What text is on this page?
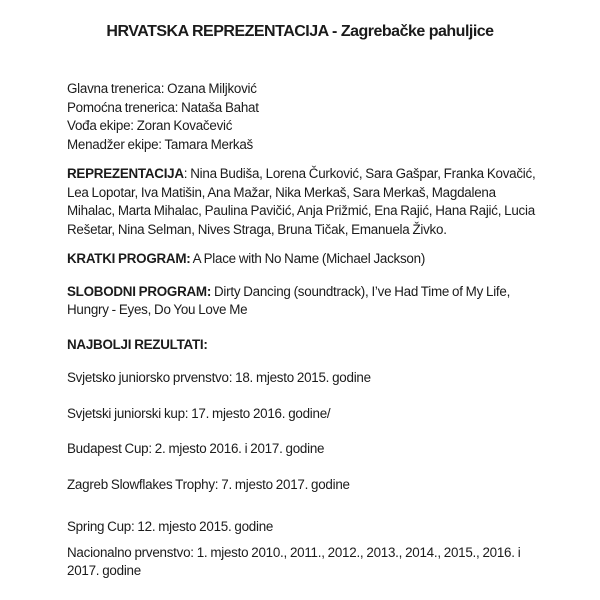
HRVATSKA REPREZENTACIJA - Zagrebačke pahuljice
Glavna trenerica: Ozana Miljković
Pomoćna trenerica: Nataša Bahat
Vođa ekipe: Zoran Kovačević
Menadžer ekipe: Tamara Merkaš

REPREZENTACIJA: Nina Budiša, Lorena Čurković, Sara Gašpar, Franka Kovačić, Lea Lopotar, Iva Matišin, Ana Mažar, Nika Merkaš, Sara Merkaš, Magdalena Mihalac, Marta Mihalac, Paulina Pavičić, Anja Prižmić, Ena Rajić, Hana Rajić, Lucia Rešetar, Nina Selman, Nives Straga, Bruna Tičak, Emanuela Živko.

KRATKI PROGRAM: A Place with No Name (Michael Jackson)

SLOBODNI PROGRAM: Dirty Dancing (soundtrack), I’ve Had Time of My Life, Hungry - Eyes, Do You Love Me

NAJBOLJI REZULTATI:

Svjetsko juniorsko prvenstvo: 18. mjesto 2015. godine

Svjetski juniorski kup: 17. mjesto 2016. godine/

Budapest Cup: 2. mjesto 2016. i 2017. godine

Zagreb Slowflakes Trophy: 7. mjesto 2017. godine

Spring Cup: 12. mjesto 2015. godine

Nacionalno prvenstvo: 1. mjesto 2010., 2011., 2012., 2013., 2014., 2015., 2016. i 2017. godine
